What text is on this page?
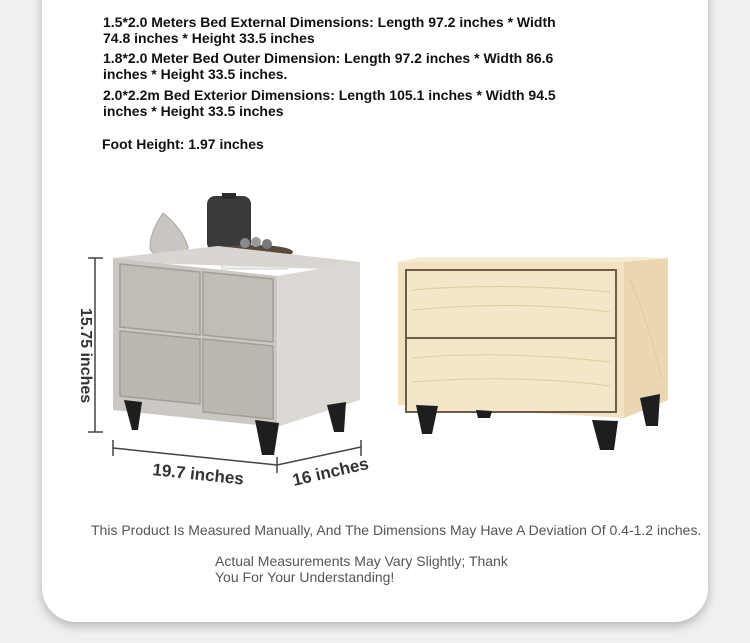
1.5*2.0 Meters Bed External Dimensions: Length 97.2 inches * Width 74.8 inches * Height 33.5 inches
1.8*2.0 Meter Bed Outer Dimension: Length 97.2 inches * Width 86.6 inches * Height 33.5 inches.
2.0*2.2m Bed Exterior Dimensions: Length 105.1 inches * Width 94.5 inches * Height 33.5 inches
Foot Height: 1.97 inches
15.75 inches
19.7 inches	16 inches
This Product Is Measured Manually, And The Dimensions May Have A Deviation Of 0.4-1.2 inches.
Actual Measurements May Vary Slightly; Thank You For Your Understanding!
